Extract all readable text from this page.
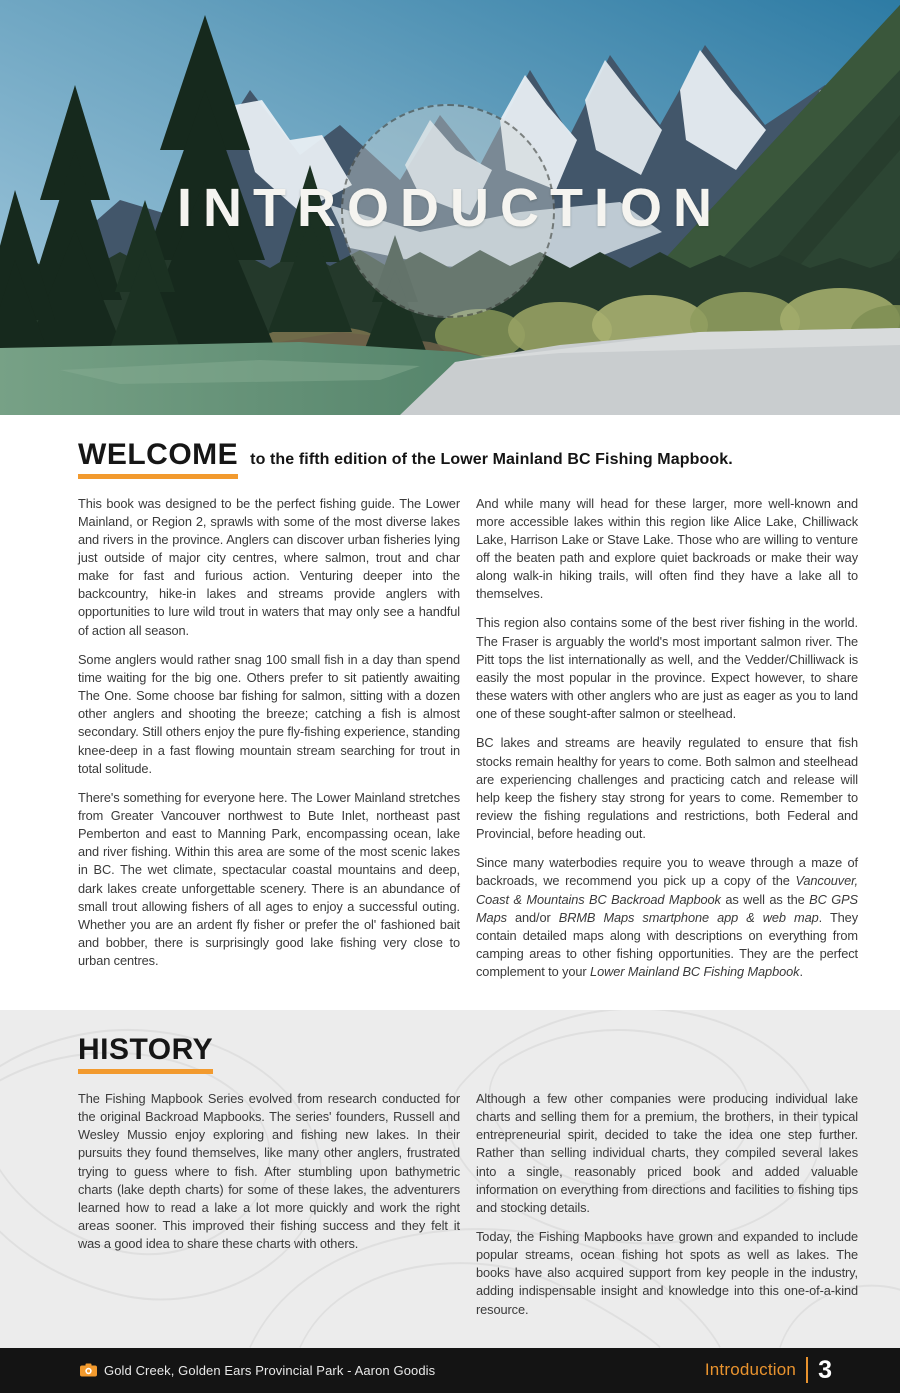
INTRODUCTION
WELCOME to the fifth edition of the Lower Mainland BC Fishing Mapbook.

This book was designed to be the perfect fishing guide. The Lower Mainland, or Region 2, sprawls with some of the most diverse lakes and rivers in the province. Anglers can discover urban fisheries lying just outside of major city centres, where salmon, trout and char make for fast and furious action. Venturing deeper into the backcountry, hike-in lakes and streams provide anglers with opportunities to lure wild trout in waters that may only see a handful of action all season.

Some anglers would rather snag 100 small fish in a day than spend time waiting for the big one. Others prefer to sit patiently awaiting The One. Some choose bar fishing for salmon, sitting with a dozen other anglers and shooting the breeze; catching a fish is almost secondary. Still others enjoy the pure fly-fishing experience, standing knee-deep in a fast flowing mountain stream searching for trout in total solitude.

There's something for everyone here. The Lower Mainland stretches from Greater Vancouver northwest to Bute Inlet, northeast past Pemberton and east to Manning Park, encompassing ocean, lake and river fishing. Within this area are some of the most scenic lakes in BC. The wet climate, spectacular coastal mountains and deep, dark lakes create unforgettable scenery. There is an abundance of small trout allowing fishers of all ages to enjoy a successful outing. Whether you are an ardent fly fisher or prefer the ol' fashioned bait and bobber, there is surprisingly good lake fishing very close to urban centres.

And while many will head for these larger, more well-known and more accessible lakes within this region like Alice Lake, Chilliwack Lake, Harrison Lake or Stave Lake. Those who are willing to venture off the beaten path and explore quiet backroads or make their way along walk-in hiking trails, will often find they have a lake all to themselves.

This region also contains some of the best river fishing in the world. The Fraser is arguably the world's most important salmon river. The Pitt tops the list internationally as well, and the Vedder/Chilliwack is easily the most popular in the province. Expect however, to share these waters with other anglers who are just as eager as you to land one of these sought-after salmon or steelhead.

BC lakes and streams are heavily regulated to ensure that fish stocks remain healthy for years to come. Both salmon and steelhead are experiencing challenges and practicing catch and release will help keep the fishery stay strong for years to come. Remember to review the fishing regulations and restrictions, both Federal and Provincial, before heading out.

Since many waterbodies require you to weave through a maze of backroads, we recommend you pick up a copy of the Vancouver, Coast & Mountains BC Backroad Mapbook as well as the BC GPS Maps and/or BRMB Maps smartphone app & web map. They contain detailed maps along with descriptions on everything from camping areas to other fishing opportunities. They are the perfect complement to your Lower Mainland BC Fishing Mapbook.

HISTORY

The Fishing Mapbook Series evolved from research conducted for the original Backroad Mapbooks. The series' founders, Russell and Wesley Mussio enjoy exploring and fishing new lakes. In their pursuits they found themselves, like many other anglers, frustrated trying to guess where to fish. After stumbling upon bathymetric charts (lake depth charts) for some of these lakes, the adventurers learned how to read a lake a lot more quickly and work the right areas sooner. This improved their fishing success and they felt it was a good idea to share these charts with others.

Although a few other companies were producing individual lake charts and selling them for a premium, the brothers, in their typical entrepreneurial spirit, decided to take the idea one step further. Rather than selling individual charts, they compiled several lakes into a single, reasonably priced book and added valuable information on everything from directions and facilities to fishing tips and stocking details.

Today, the Fishing Mapbooks have grown and expanded to include popular streams, ocean fishing hot spots as well as lakes. The books have also acquired support from key people in the industry, adding indispensable insight and knowledge into this one-of-a-kind resource.

Gold Creek, Golden Ears Provincial Park - Aaron Goodis	Introduction 3
